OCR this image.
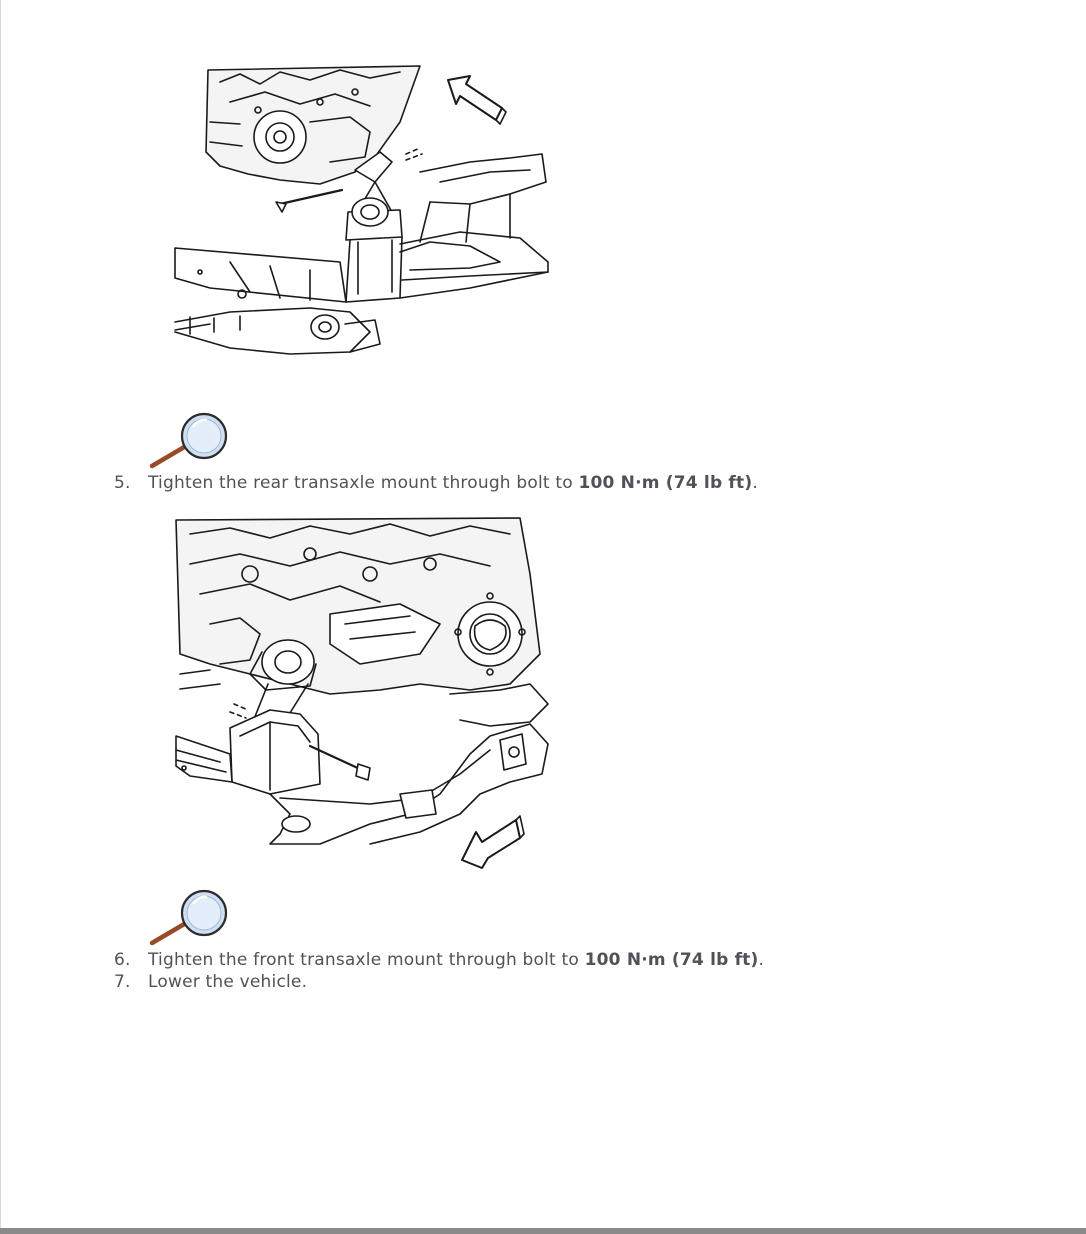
5. Tighten the rear transaxle mount through bolt to 100 N·m (74 lb ft).
6. Tighten the front transaxle mount through bolt to 100 N·m (74 lb ft).
7. Lower the vehicle.
